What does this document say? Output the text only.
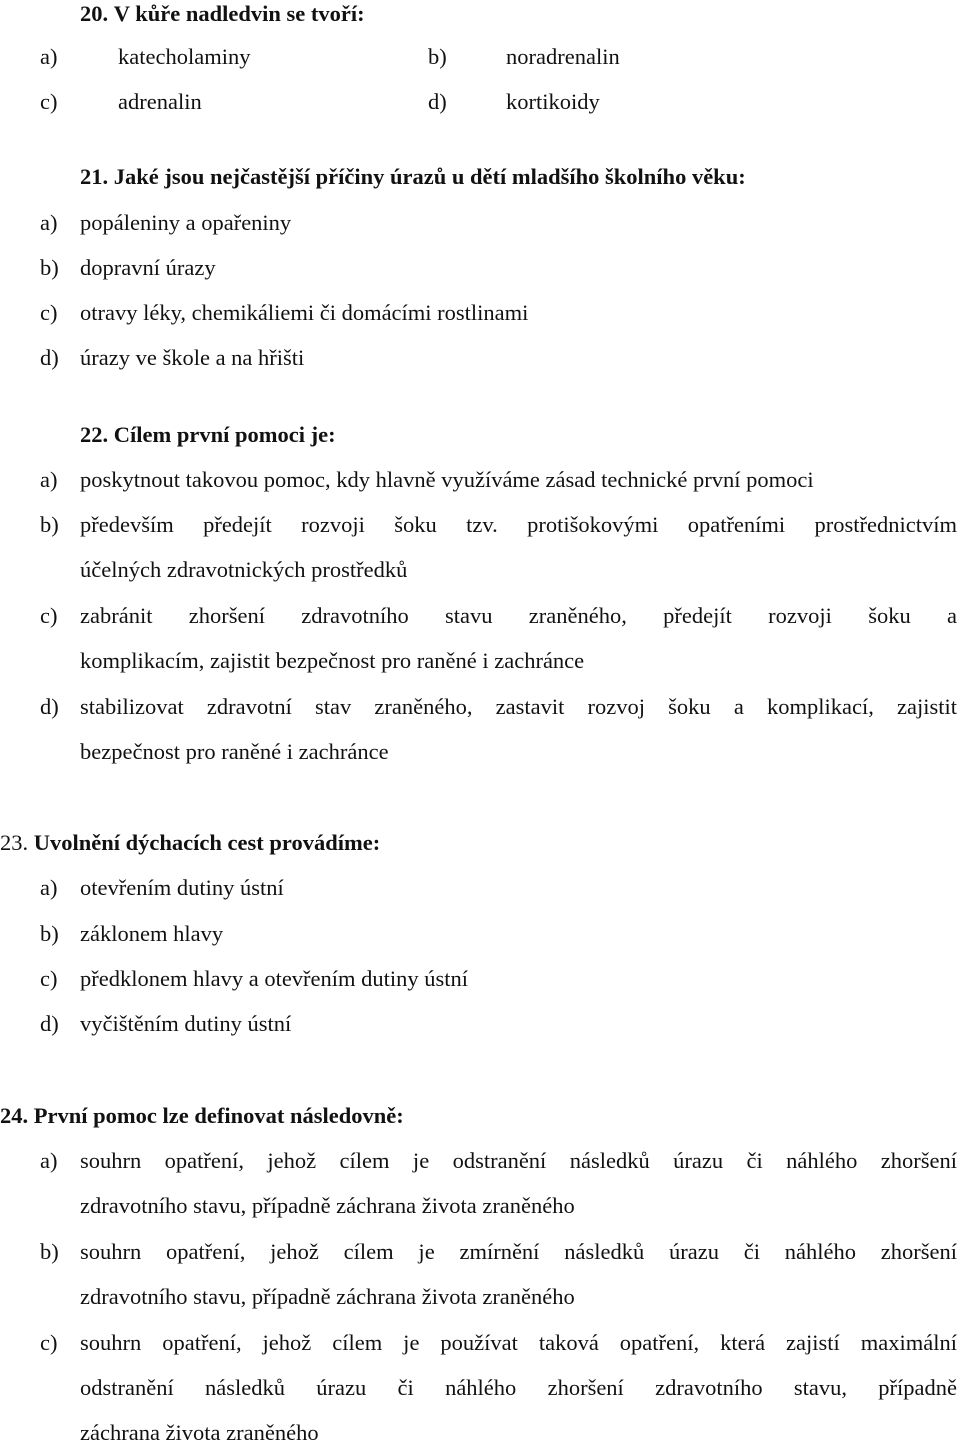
20. V kůře nadledvin se tvoří:
a)	katecholaminy	b)	noradrenalin
c)	adrenalin	d)	kortikoidy
21. Jaké jsou nejčastější příčiny úrazů u dětí mladšího školního věku:
a) popáleniny a opařeniny
b) dopravní úrazy
c) otravy léky, chemikáliemi či domácími rostlinami
d) úrazy ve škole a na hřišti
22. Cílem první pomoci je:
a) poskytnout takovou pomoc, kdy hlavně využíváme zásad technické první pomoci
b) především předejít rozvoji šoku tzv. protišokovými opatřeními prostřednictvím
účelných zdravotnických prostředků
c) zabránit zhoršení zdravotního stavu zraněného, předejít rozvoji šoku a
komplikacím, zajistit bezpečnost pro raněné i zachránce
d) stabilizovat zdravotní stav zraněného, zastavit rozvoj šoku a komplikací, zajistit
bezpečnost pro raněné i zachránce
23. Uvolnění dýchacích cest provádíme:
a) otevřením dutiny ústní
b) záklonem hlavy
c) předklonem hlavy a otevřením dutiny ústní
d) vyčištěním dutiny ústní
24. První pomoc lze definovat následovně:
a) souhrn opatření, jehož cílem je odstranění následků úrazu či náhlého zhoršení
zdravotního stavu, případně záchrana života zraněného
b) souhrn opatření, jehož cílem je zmírnění následků úrazu či náhlého zhoršení
zdravotního stavu, případně záchrana života zraněného
c) souhrn opatření, jehož cílem je používat taková opatření, která zajistí maximální
odstranění následků úrazu či náhlého zhoršení zdravotního stavu, případně
záchrana života zraněného
